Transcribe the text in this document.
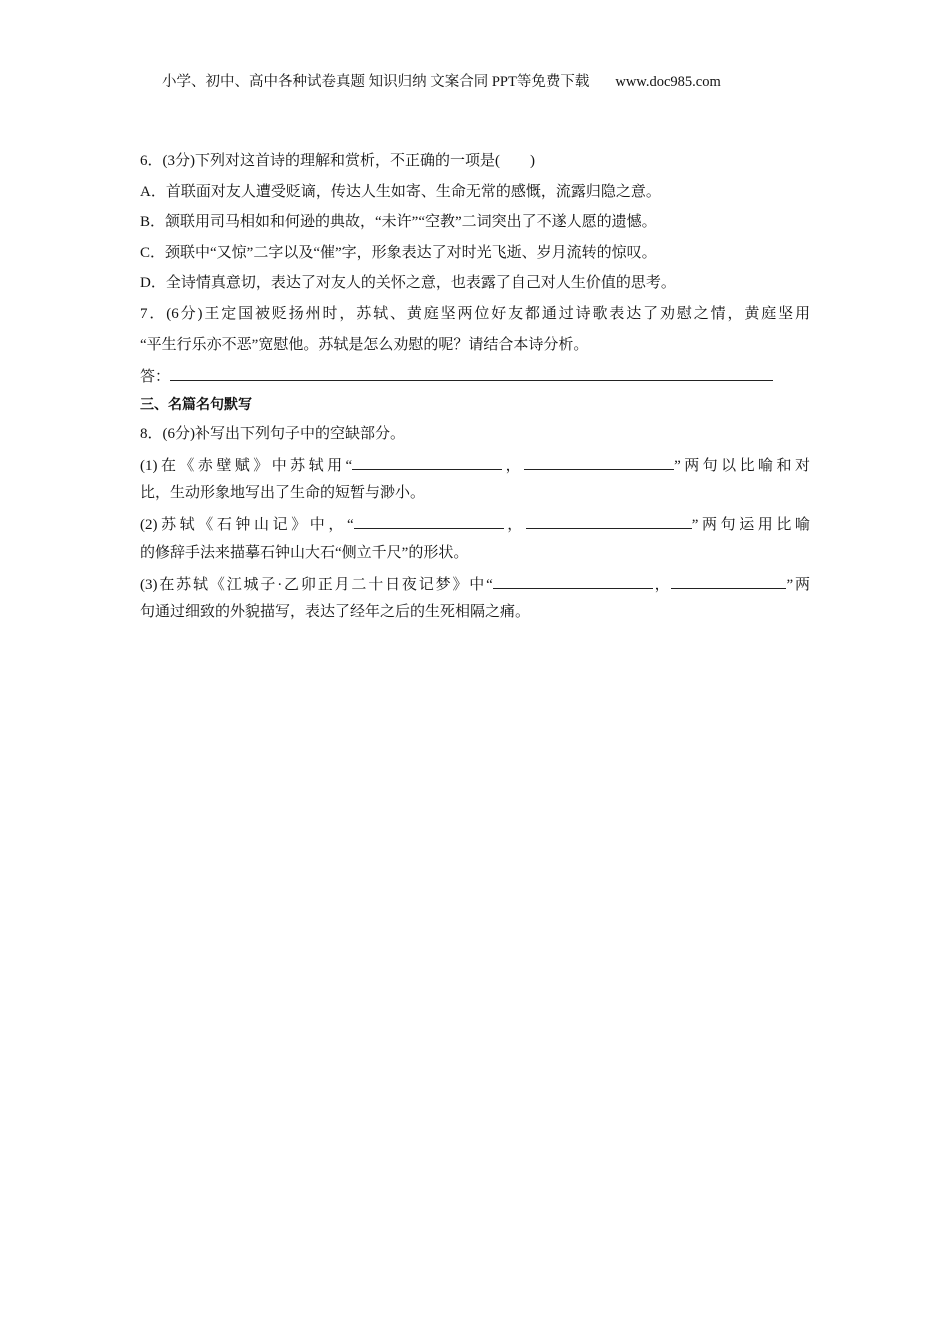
小学、初中、高中各种试卷真题 知识归纳 文案合同 PPT等免费下载 www.doc985.com
6．(3分)下列对这首诗的理解和赏析，不正确的一项是(　　)
A．首联面对友人遭受贬谪，传达人生如寄、生命无常的感慨，流露归隐之意。
B．颔联用司马相如和何逊的典故，“未许”“空教”二词突出了不遂人愿的遗憾。
C．颈联中“又惊”二字以及“催”字，形象表达了对时光飞逝、岁月流转的惊叹。
D．全诗情真意切，表达了对友人的关怀之意，也表露了自己对人生价值的思考。
7．(6分)王定国被贬扬州时，苏轼、黄庭坚两位好友都通过诗歌表达了劝慰之情，黄庭坚用
“平生行乐亦不恶”宽慰他。苏轼是怎么劝慰的呢？请结合本诗分析。
答：
三、名篇名句默写
8．(6分)补写出下列句子中的空缺部分。
(1)在《赤壁赋》中苏轼用“	，	”两句以比喻和对
比，生动形象地写出了生命的短暂与渺小。
(2)苏轼《石钟山记》中，“	，	”两句运用比喻
的修辞手法来描摹石钟山大石“侧立千尺”的形状。
(3)在苏轼《江城子·乙卯正月二十日夜记梦》中“	，	”两
句通过细致的外貌描写，表达了经年之后的生死相隔之痛。
